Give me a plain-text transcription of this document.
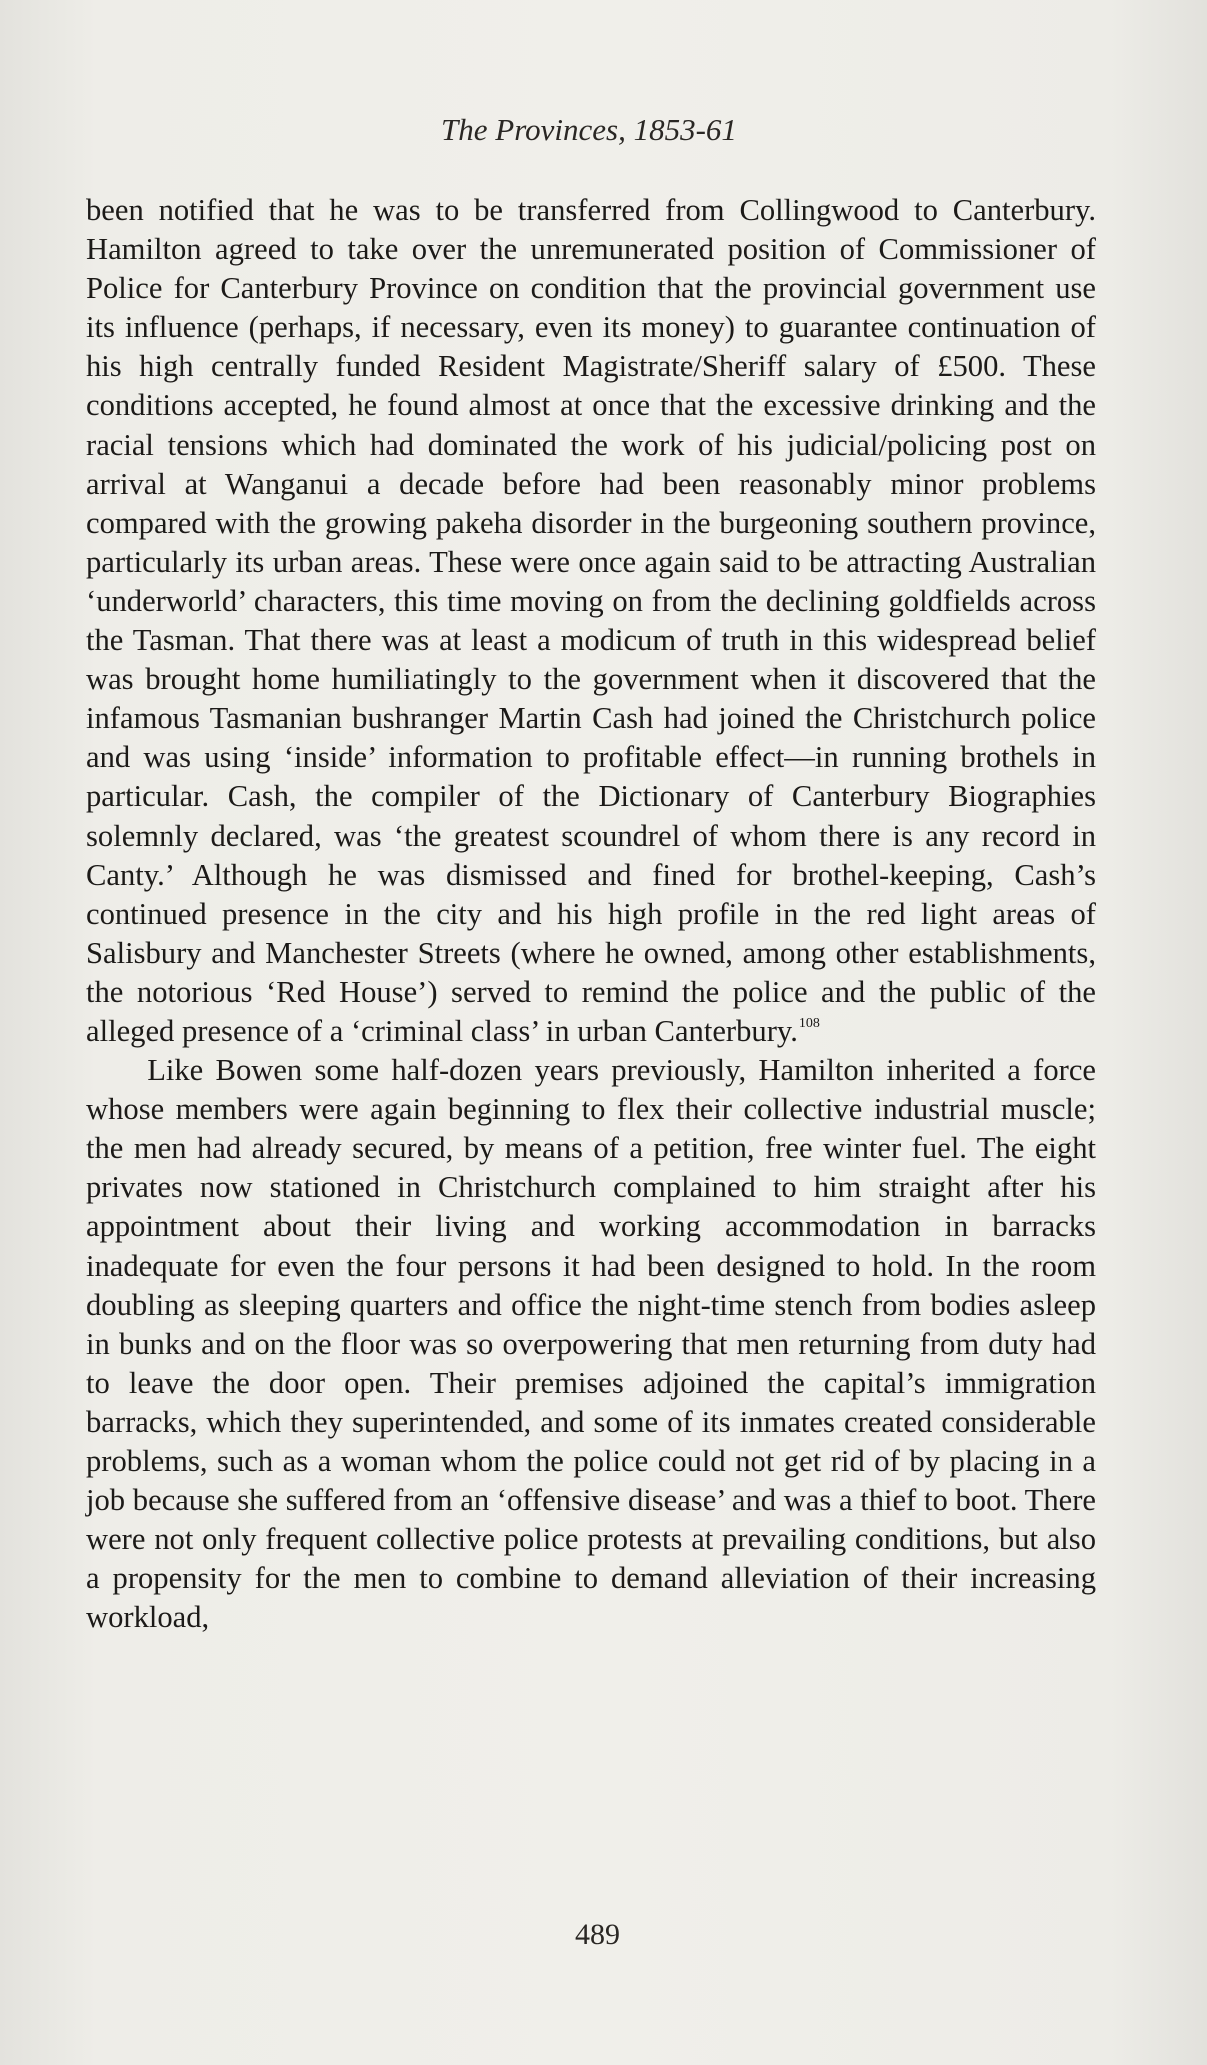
The Provinces, 1853-61

been notified that he was to be transferred from Collingwood to Canterbury. Hamilton agreed to take over the unremunerated position of Commissioner of Police for Canterbury Province on condition that the provincial government use its influence (perhaps, if necessary, even its money) to guarantee continuation of his high centrally funded Resident Magistrate/Sheriff salary of £500. These conditions accepted, he found almost at once that the excessive drinking and the racial tensions which had dominated the work of his judicial/policing post on arrival at Wanganui a decade before had been reasonably minor problems compared with the growing pakeha disorder in the burgeoning southern province, particularly its urban areas. These were once again said to be attracting Australian ‘underworld’ characters, this time moving on from the declining goldfields across the Tasman. That there was at least a modicum of truth in this widespread belief was brought home humiliatingly to the government when it discovered that the infamous Tasmanian bushranger Martin Cash had joined the Christchurch police and was using ‘inside’ information to profitable effect—in running brothels in particular. Cash, the compiler of the Dictionary of Canterbury Biographies solemnly declared, was ‘the greatest scoundrel of whom there is any record in Canty.’ Although he was dismissed and fined for brothel-keeping, Cash’s continued presence in the city and his high profile in the red light areas of Salisbury and Manchester Streets (where he owned, among other establishments, the notorious ‘Red House’) served to remind the police and the public of the alleged presence of a ‘criminal class’ in urban Canterbury.$^{108}$

Like Bowen some half-dozen years previously, Hamilton inherited a force whose members were again beginning to flex their collective industrial muscle; the men had already secured, by means of a petition, free winter fuel. The eight privates now stationed in Christchurch complained to him straight after his appointment about their living and working accommodation in barracks inadequate for even the four persons it had been designed to hold. In the room doubling as sleeping quarters and office the night-time stench from bodies asleep in bunks and on the floor was so overpowering that men returning from duty had to leave the door open. Their premises adjoined the capital’s immigration barracks, which they superintended, and some of its inmates created considerable problems, such as a woman whom the police could not get rid of by placing in a job because she suffered from an ‘offensive disease’ and was a thief to boot. There were not only frequent collective police protests at prevailing conditions, but also a propensity for the men to combine to demand alleviation of their increasing workload,

489
